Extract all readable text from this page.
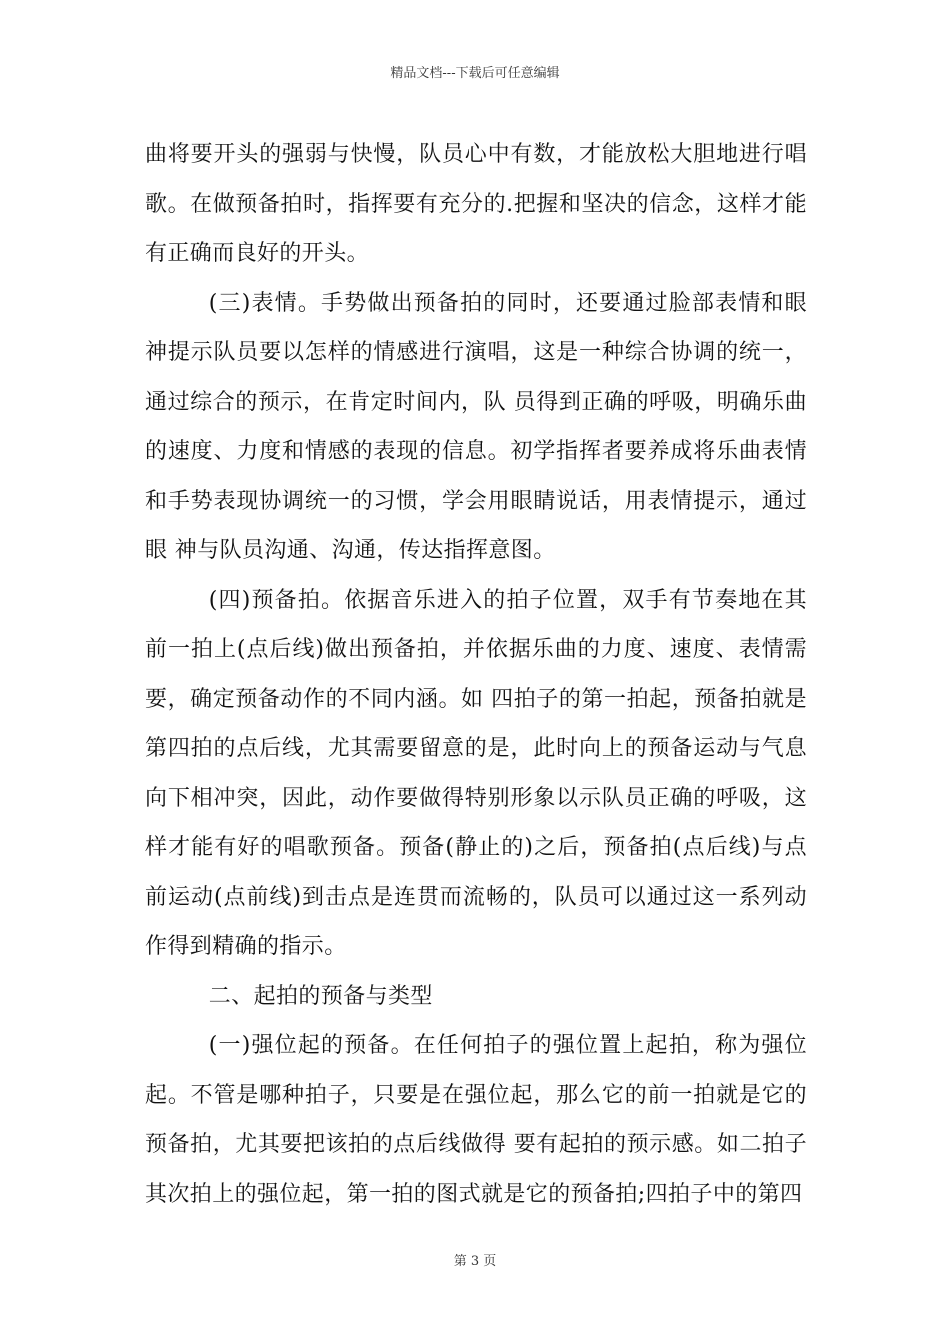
精品文档---下载后可任意编辑

曲将要开头的强弱与快慢，队员心中有数，才能放松大胆地进行唱歌。在做预备拍时，指挥要有充分的.把握和坚决的信念，这样才能有正确而良好的开头。

(三)表情。手势做出预备拍的同时，还要通过脸部表情和眼神提示队员要以怎样的情感进行演唱，这是一种综合协调的统一，通过综合的预示，在肯定时间内，队 员得到正确的呼吸，明确乐曲的速度、力度和情感的表现的信息。初学指挥者要养成将乐曲表情和手势表现协调统一的习惯，学会用眼睛说话，用表情提示，通过眼 神与队员沟通、沟通，传达指挥意图。

(四)预备拍。依据音乐进入的拍子位置，双手有节奏地在其前一拍上(点后线)做出预备拍，并依据乐曲的力度、速度、表情需要，确定预备动作的不同内涵。如 四拍子的第一拍起，预备拍就是第四拍的点后线，尤其需要留意的是，此时向上的预备运动与气息向下相冲突，因此，动作要做得特别形象以示队员正确的呼吸，这样才能有好的唱歌预备。预备(静止的)之后，预备拍(点后线)与点前运动(点前线)到击点是连贯而流畅的，队员可以通过这一系列动作得到精确的指示。

二、起拍的预备与类型

(一)强位起的预备。在任何拍子的强位置上起拍，称为强位起。不管是哪种拍子，只要是在强位起，那么它的前一拍就是它的预备拍，尤其要把该拍的点后线做得 要有起拍的预示感。如二拍子其次拍上的强位起，第一拍的图式就是它的预备拍;四拍子中的第四

第 3 页
